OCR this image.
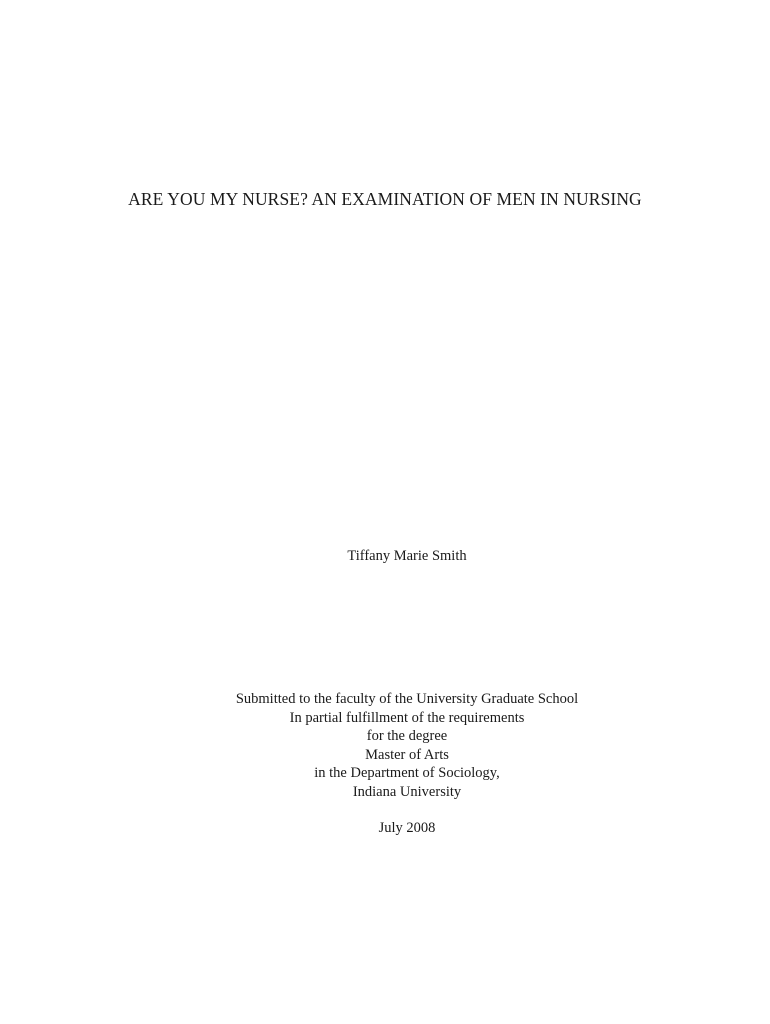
ARE YOU MY NURSE? AN EXAMINATION OF MEN IN NURSING
Tiffany Marie Smith
Submitted to the faculty of the University Graduate School
In partial fulfillment of the requirements
for the degree
Master of Arts
in the Department of Sociology,
Indiana University
July 2008
